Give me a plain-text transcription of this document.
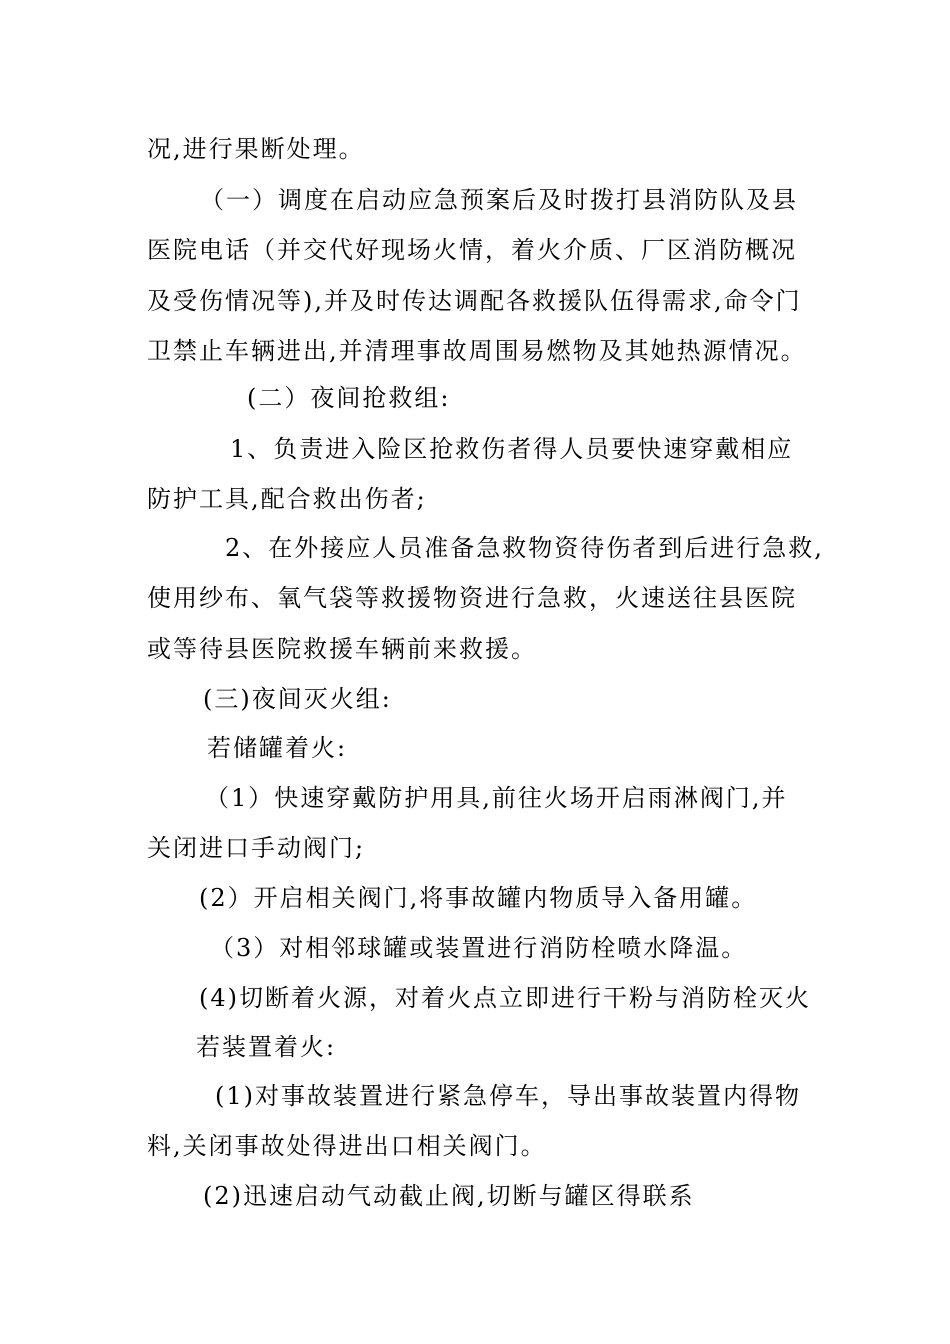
况,进行果断处理。
（一）调度在启动应急预案后及时拨打县消防队及县
医院电话（并交代好现场火情，着火介质、厂区消防概况
及受伤情况等),并及时传达调配各救援队伍得需求,命令门
卫禁止车辆进出,并清理事故周围易燃物及其她热源情况。
(二）夜间抢救组:
1、负责进入险区抢救伤者得人员要快速穿戴相应
防护工具,配合救出伤者;
2、在外接应人员准备急救物资待伤者到后进行急救,
使用纱布、氧气袋等救援物资进行急救，火速送往县医院
或等待县医院救援车辆前来救援。
(三)夜间灭火组:
若储罐着火:
（1）快速穿戴防护用具,前往火场开启雨淋阀门,并
关闭进口手动阀门;
(2）开启相关阀门,将事故罐内物质导入备用罐。
（3）对相邻球罐或装置进行消防栓喷水降温。
(4)切断着火源，对着火点立即进行干粉与消防栓灭火
若装置着火:
(1)对事故装置进行紧急停车，导出事故装置内得物
料,关闭事故处得进出口相关阀门。
(2)迅速启动气动截止阀,切断与罐区得联系
